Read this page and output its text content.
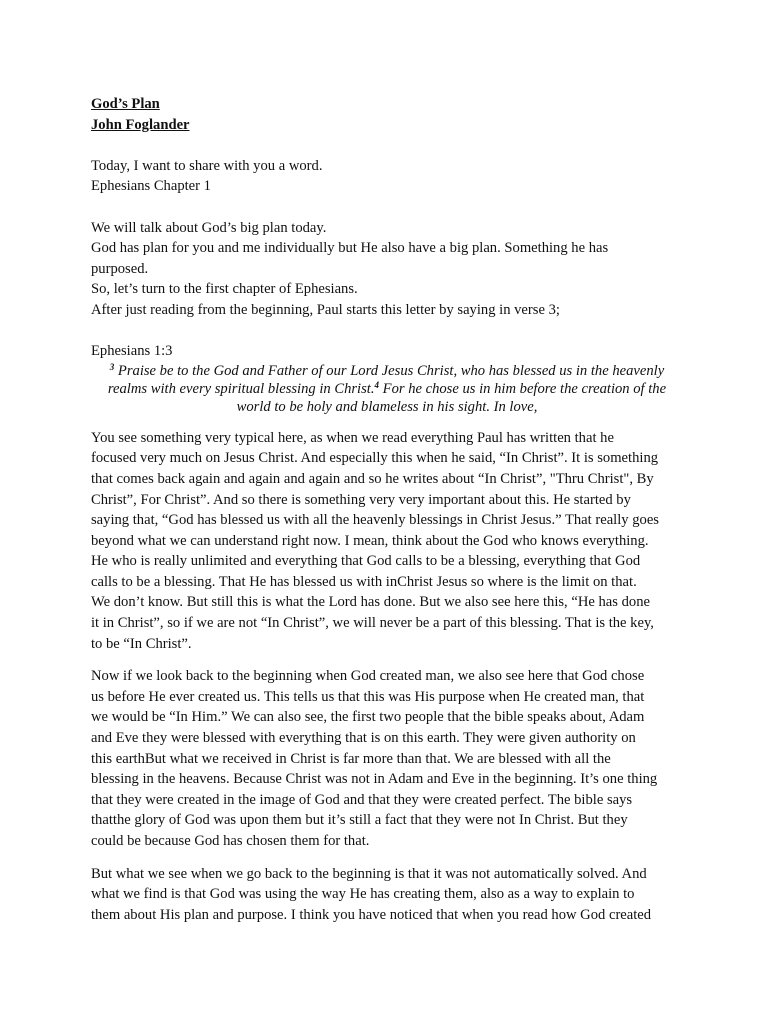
God’s Plan
John Foglander
Today, I want to share with you a word.
Ephesians Chapter 1
We will talk about God’s big plan today.
God has plan for you and me individually but He also have a big plan. Something he has
purposed.
So, let’s turn to the first chapter of Ephesians.
After just reading from the beginning, Paul starts this letter by saying in verse 3;
Ephesians 1:3
$^3$ Praise be to the God and Father of our Lord Jesus Christ, who has blessed us in the heavenly
realms with every spiritual blessing in Christ.$^4$ For he chose us in him before the creation of the
world to be holy and blameless in his sight. In love,
You see something very typical here, as when we read everything Paul has written that he
focused very much on Jesus Christ. And especially this when he said, “In Christ”. It is something
that comes back again and again and again and so he writes about “In Christ”, "Thru Christ", By
Christ”, For Christ”. And so there is something very very important about this. He started by
saying that, “God has blessed us with all the heavenly blessings in Christ Jesus.” That really goes
beyond what we can understand right now. I mean, think about the God who knows everything.
He who is really unlimited and everything that God calls to be a blessing, everything that God
calls to be a blessing. That He has blessed us with inChrist Jesus so where is the limit on that.
We don’t know. But still this is what the Lord has done. But we also see here this, “He has done
it in Christ”, so if we are not “In Christ”, we will never be a part of this blessing. That is the key,
to be “In Christ”.
Now if we look back to the beginning when God created man, we also see here that God chose
us before He ever created us. This tells us that this was His purpose when He created man, that
we would be “In Him.” We can also see, the first two people that the bible speaks about, Adam
and Eve they were blessed with everything that is on this earth. They were given authority on
this earthBut what we received in Christ is far more than that. We are blessed with all the
blessing in the heavens. Because Christ was not in Adam and Eve in the beginning. It’s one thing
that they were created in the image of God and that they were created perfect. The bible says
thatthe glory of God was upon them but it’s still a fact that they were not In Christ. But they
could be because God has chosen them for that.
But what we see when we go back to the beginning is that it was not automatically solved. And
what we find is that God was using the way He has creating them, also as a way to explain to
them about His plan and purpose. I think you have noticed that when you read how God created
